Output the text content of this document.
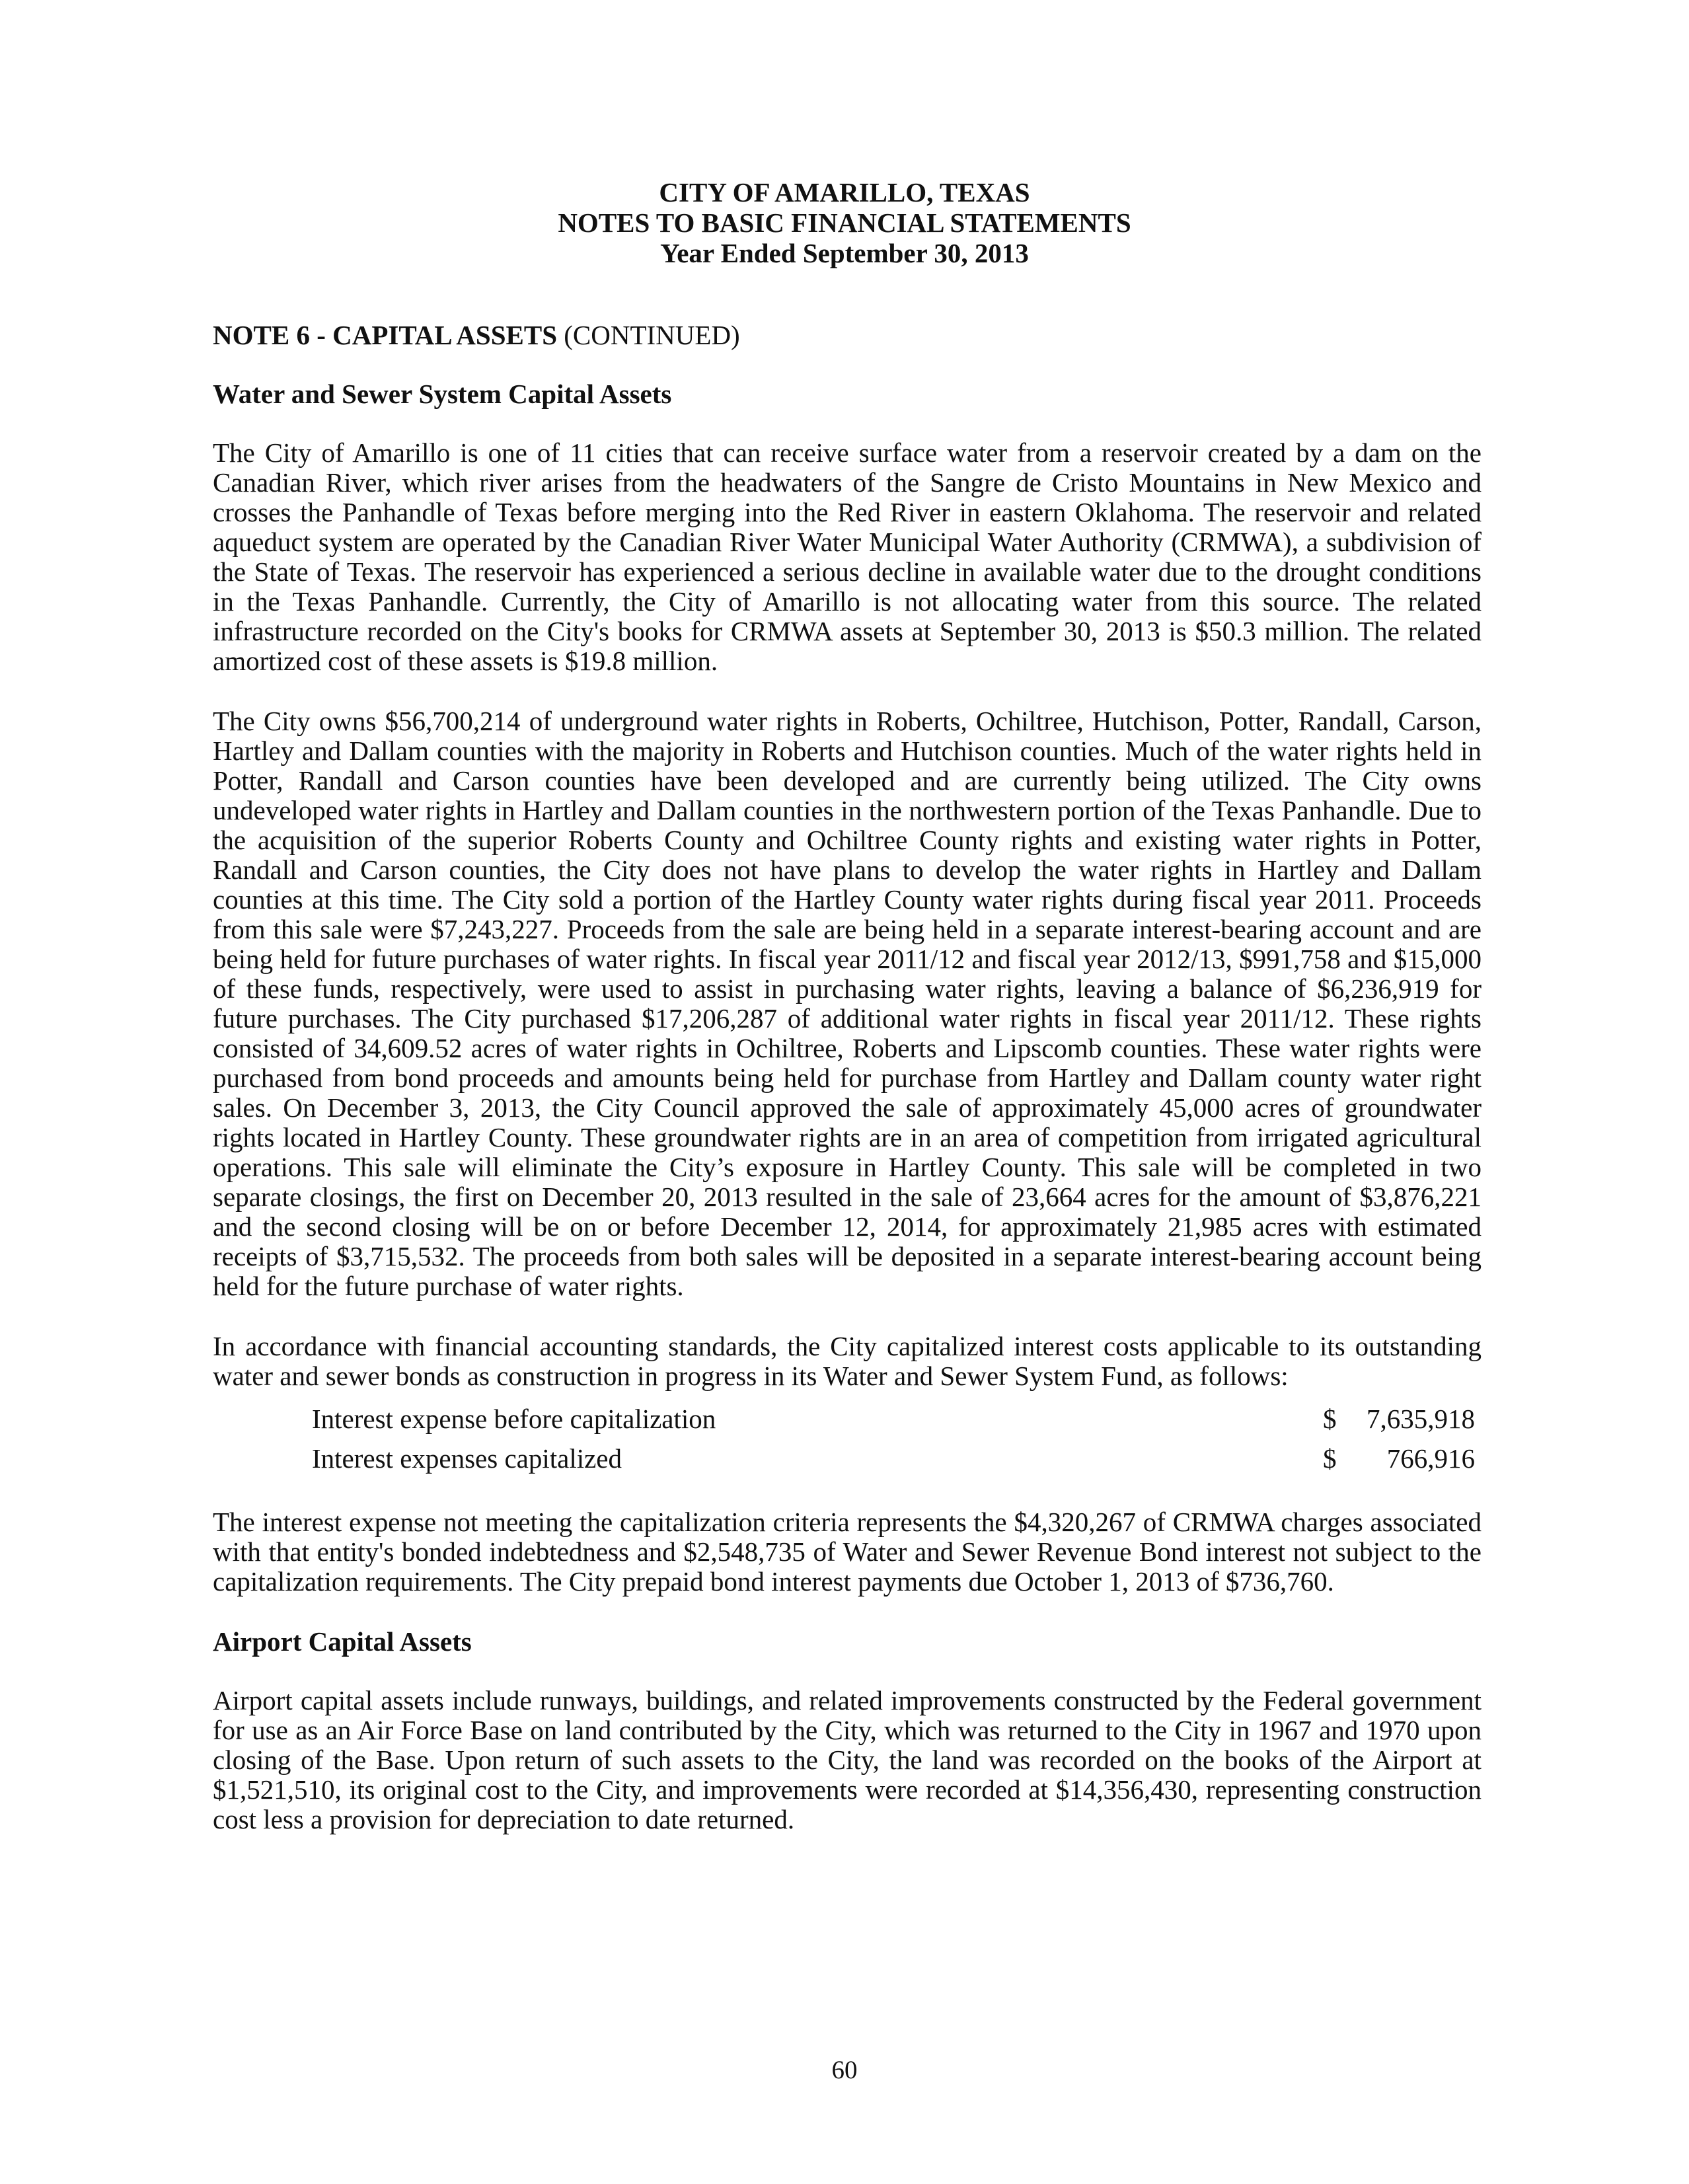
CITY OF AMARILLO, TEXAS
NOTES TO BASIC FINANCIAL STATEMENTS
Year Ended September 30, 2013
NOTE 6 - CAPITAL ASSETS (CONTINUED)
Water and Sewer System Capital Assets

The City of Amarillo is one of 11 cities that can receive surface water from a reservoir created by a dam on the Canadian River, which river arises from the headwaters of the Sangre de Cristo Mountains in New Mexico and crosses the Panhandle of Texas before merging into the Red River in eastern Oklahoma. The reservoir and related aqueduct system are operated by the Canadian River Water Municipal Water Authority (CRMWA), a subdivision of the State of Texas. The reservoir has experienced a serious decline in available water due to the drought conditions in the Texas Panhandle. Currently, the City of Amarillo is not allocating water from this source. The related infrastructure recorded on the City's books for CRMWA assets at September 30, 2013 is $50.3 million. The related amortized cost of these assets is $19.8 million.

The City owns $56,700,214 of underground water rights in Roberts, Ochiltree, Hutchison, Potter, Randall, Carson, Hartley and Dallam counties with the majority in Roberts and Hutchison counties. Much of the water rights held in Potter, Randall and Carson counties have been developed and are currently being utilized. The City owns undeveloped water rights in Hartley and Dallam counties in the northwestern portion of the Texas Panhandle. Due to the acquisition of the superior Roberts County and Ochiltree County rights and existing water rights in Potter, Randall and Carson counties, the City does not have plans to develop the water rights in Hartley and Dallam counties at this time. The City sold a portion of the Hartley County water rights during fiscal year 2011. Proceeds from this sale were $7,243,227. Proceeds from the sale are being held in a separate interest-bearing account and are being held for future purchases of water rights. In fiscal year 2011/12 and fiscal year 2012/13, $991,758 and $15,000 of these funds, respectively, were used to assist in purchasing water rights, leaving a balance of $6,236,919 for future purchases. The City purchased $17,206,287 of additional water rights in fiscal year 2011/12. These rights consisted of 34,609.52 acres of water rights in Ochiltree, Roberts and Lipscomb counties. These water rights were purchased from bond proceeds and amounts being held for purchase from Hartley and Dallam county water right sales. On December 3, 2013, the City Council approved the sale of approximately 45,000 acres of groundwater rights located in Hartley County. These groundwater rights are in an area of competition from irrigated agricultural operations. This sale will eliminate the City’s exposure in Hartley County. This sale will be completed in two separate closings, the first on December 20, 2013 resulted in the sale of 23,664 acres for the amount of $3,876,221 and the second closing will be on or before December 12, 2014, for approximately 21,985 acres with estimated receipts of $3,715,532. The proceeds from both sales will be deposited in a separate interest-bearing account being held for the future purchase of water rights.

In accordance with financial accounting standards, the City capitalized interest costs applicable to its outstanding water and sewer bonds as construction in progress in its Water and Sewer System Fund, as follows:

Interest expense before capitalization	$ 7,635,918
Interest expenses capitalized	$ 766,916

The interest expense not meeting the capitalization criteria represents the $4,320,267 of CRMWA charges associated with that entity's bonded indebtedness and $2,548,735 of Water and Sewer Revenue Bond interest not subject to the capitalization requirements. The City prepaid bond interest payments due October 1, 2013 of $736,760.

Airport Capital Assets

Airport capital assets include runways, buildings, and related improvements constructed by the Federal government for use as an Air Force Base on land contributed by the City, which was returned to the City in 1967 and 1970 upon closing of the Base. Upon return of such assets to the City, the land was recorded on the books of the Airport at $1,521,510, its original cost to the City, and improvements were recorded at $14,356,430, representing construction cost less a provision for depreciation to date returned.

60
